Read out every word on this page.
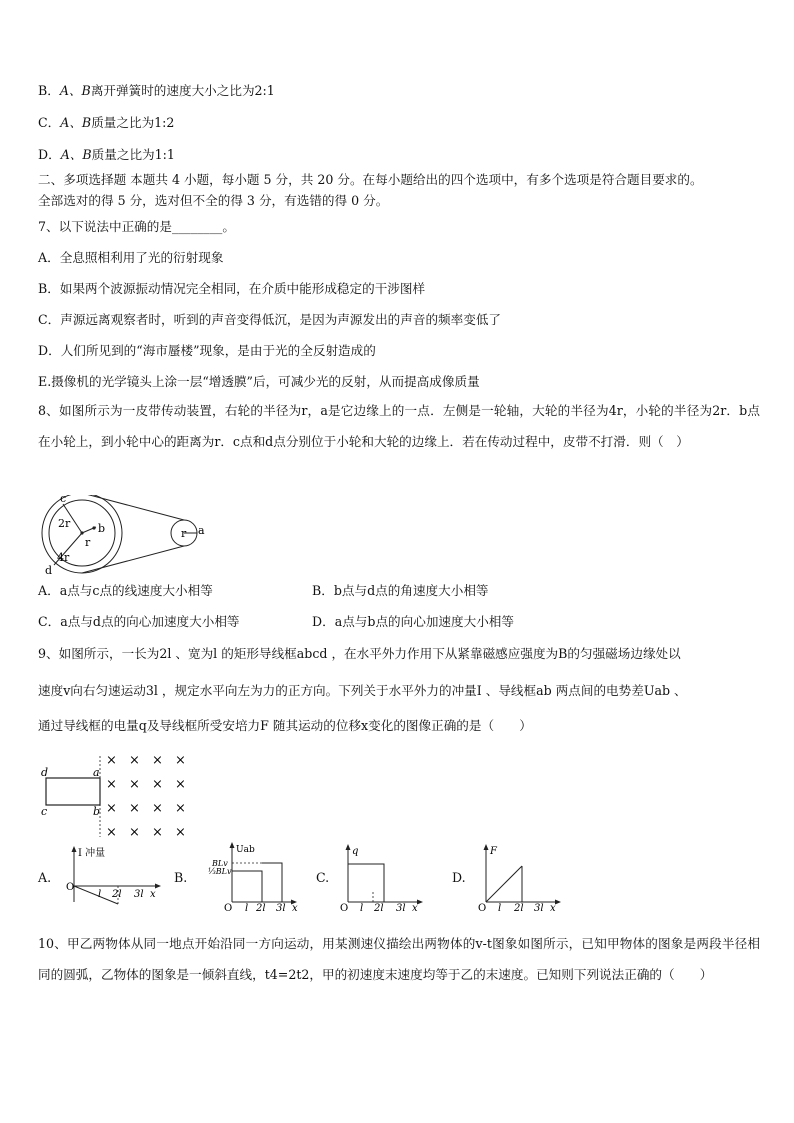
B．A、B离开弹簧时的速度大小之比为2:1
C．A、B质量之比为1:2
D．A、B质量之比为1:1
二、多项选择题 本题共 4 小题，每小题 5 分，共 20 分。在每小题给出的四个选项中，有多个选项是符合题目要求的。
全部选对的得 5 分，选对但不全的得 3 分，有选错的得 0 分。
7、以下说法中正确的是________。
A．全息照相利用了光的衍射现象
B．如果两个波源振动情况完全相同，在介质中能形成稳定的干涉图样
C．声源远离观察者时，听到的声音变得低沉，是因为声源发出的声音的频率变低了
D．人们所见到的“海市蜃楼”现象，是由于光的全反射造成的
E.摄像机的光学镜头上涂一层“增透膜”后，可减少光的反射，从而提高成像质量
8、如图所示为一皮带传动装置，右轮的半径为r，a是它边缘上的一点．左侧是一轮轴，大轮的半径为4r，小轮的半径为2r．b点在小轮上，到小轮中心的距离为r．c点和d点分别位于小轮和大轮的边缘上．若在传动过程中，皮带不打滑．则（　）
c
2r	b
r
4r
d
r a
A．a点与c点的线速度大小相等	B．b点与d点的角速度大小相等
C．a点与d点的向心加速度大小相等	D．a点与b点的向心加速度大小相等
9、如图所示，一长为2l 、宽为l 的矩形导线框abcd ，在水平外力作用下从紧靠磁感应强度为B的匀强磁场边缘处以
速度v向右匀速运动3l ，规定水平向左为力的正方向。下列关于水平外力的冲量I 、导线框ab 两点间的电势差Uab 、
通过导线框的电量q及导线框所受安培力F 随其运动的位移x变化的图像正确的是（　　）
d	a
c	b
× × × ×
× × × ×
× × × ×
× × × ×
A.
I 冲量
O
l 2l 3l x
B.
Uab
BLv
⅓BLv
O l 2l 3l x
C.
q
O l 2l 3l x
D.
F
O l 2l 3l x
10、甲乙两物体从同一地点开始沿同一方向运动，用某测速仪描绘出两物体的v-t图象如图所示，已知甲物体的图象是两段半径相同的圆弧，乙物体的图象是一倾斜直线，t4=2t2，甲的初速度末速度均等于乙的末速度。已知则下列说法正确的（　　）
